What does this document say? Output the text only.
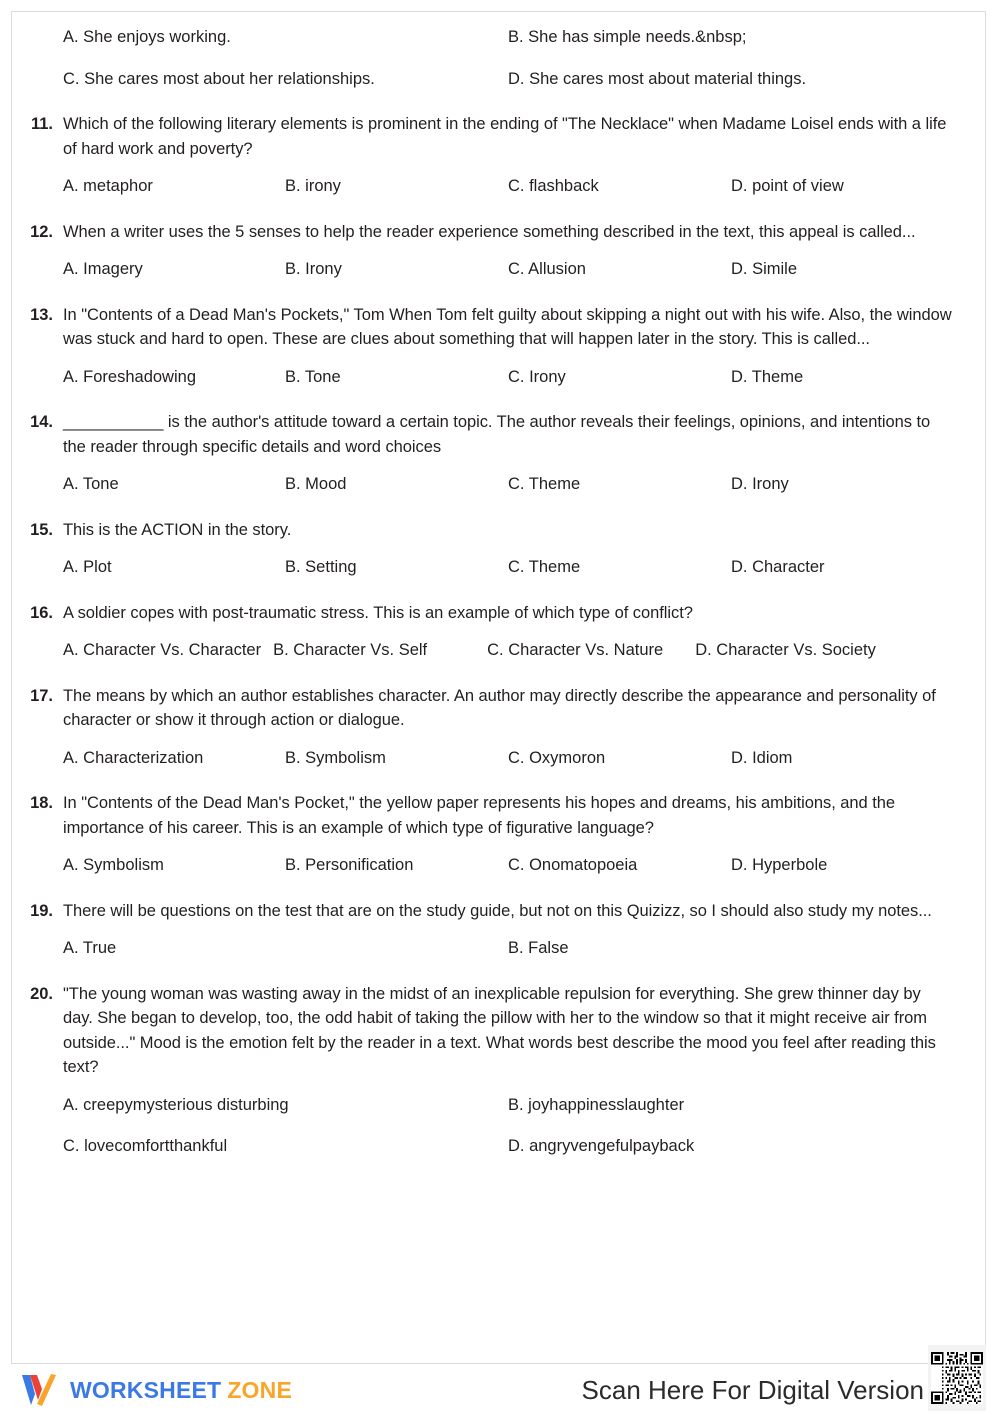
A. She enjoys working.	B. She has simple needs.&nbsp;
C. She cares most about her relationships.	D. She cares most about material things.
11. Which of the following literary elements is prominent in the ending of "The Necklace" when Madame Loisel ends with a life of hard work and poverty?
A. metaphor	B. irony	C. flashback	D. point of view
12. When a writer uses the 5 senses to help the reader experience something described in the text, this appeal is called...
A. Imagery	B. Irony	C. Allusion	D. Simile
13. In "Contents of a Dead Man's Pockets," Tom When Tom felt guilty about skipping a night out with his wife. Also, the window was stuck and hard to open. These are clues about something that will happen later in the story. This is called...
A. Foreshadowing	B. Tone	C. Irony	D. Theme
14. ___________ is the author's attitude toward a certain topic. The author reveals their feelings, opinions, and intentions to the reader through specific details and word choices
A. Tone	B. Mood	C. Theme	D. Irony
15. This is the ACTION in the story.
A. Plot	B. Setting	C. Theme	D. Character
16. A soldier copes with post-traumatic stress. This is an example of which type of conflict?
A. Character Vs. Character B. Character Vs. Self	C. Character Vs. Nature D. Character Vs. Society
17. The means by which an author establishes character. An author may directly describe the appearance and personality of character or show it through action or dialogue.
A. Characterization	B. Symbolism	C. Oxymoron	D. Idiom
18. In "Contents of the Dead Man's Pocket," the yellow paper represents his hopes and dreams, his ambitions, and the importance of his career. This is an example of which type of figurative language?
A. Symbolism	B. Personification	C. Onomatopoeia	D. Hyperbole
19. There will be questions on the test that are on the study guide, but not on this Quizizz, so I should also study my notes...
A. True	B. False
20. "The young woman was wasting away in the midst of an inexplicable repulsion for everything. She grew thinner day by day. She began to develop, too, the odd habit of taking the pillow with her to the window so that it might receive air from outside..." Mood is the emotion felt by the reader in a text. What words best describe the mood you feel after reading this text?
A. creepymysterious disturbing	B. joyhappinesslaughter
C. lovecomfortthankful	D. angryvengefulpayback
WORKSHEET ZONE	Scan Here For Digital Version
